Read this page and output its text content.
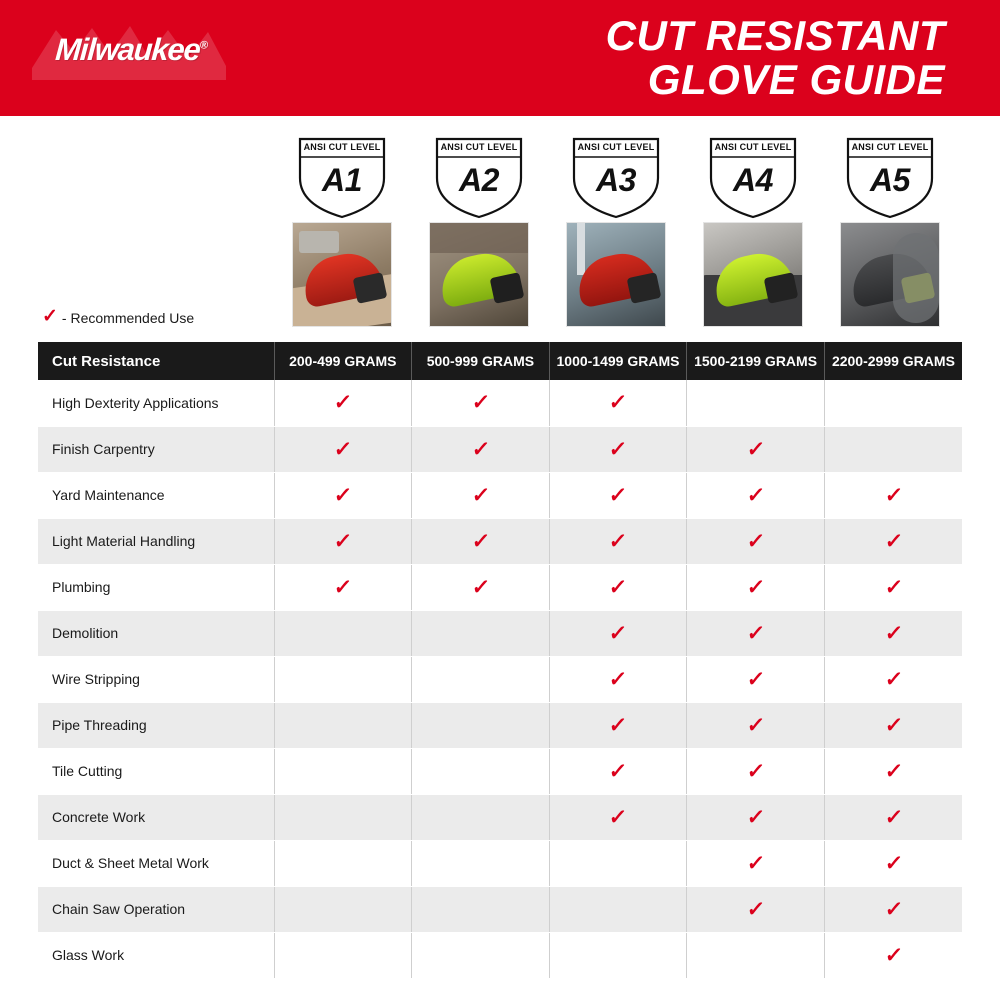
Milwaukee®	CUT RESISTANT
GLOVE GUIDE
ANSI CUT LEVEL
A1
ANSI CUT LEVEL
A2
ANSI CUT LEVEL
A3
ANSI CUT LEVEL
A4
ANSI CUT LEVEL
A5
✓ - Recommended Use
Cut Resistance	200-499 GRAMS	500-999 GRAMS	1000-1499 GRAMS	1500-2199 GRAMS	2200-2999 GRAMS
High Dexterity Applications	✓	✓	✓		
Finish Carpentry	✓	✓	✓	✓	
Yard Maintenance	✓	✓	✓	✓	✓
Light Material Handling	✓	✓	✓	✓	✓
Plumbing	✓	✓	✓	✓	✓
Demolition			✓	✓	✓
Wire Stripping			✓	✓	✓
Pipe Threading			✓	✓	✓
Tile Cutting			✓	✓	✓
Concrete Work			✓	✓	✓
Duct & Sheet Metal Work				✓	✓
Chain Saw Operation				✓	✓
Glass Work					✓
